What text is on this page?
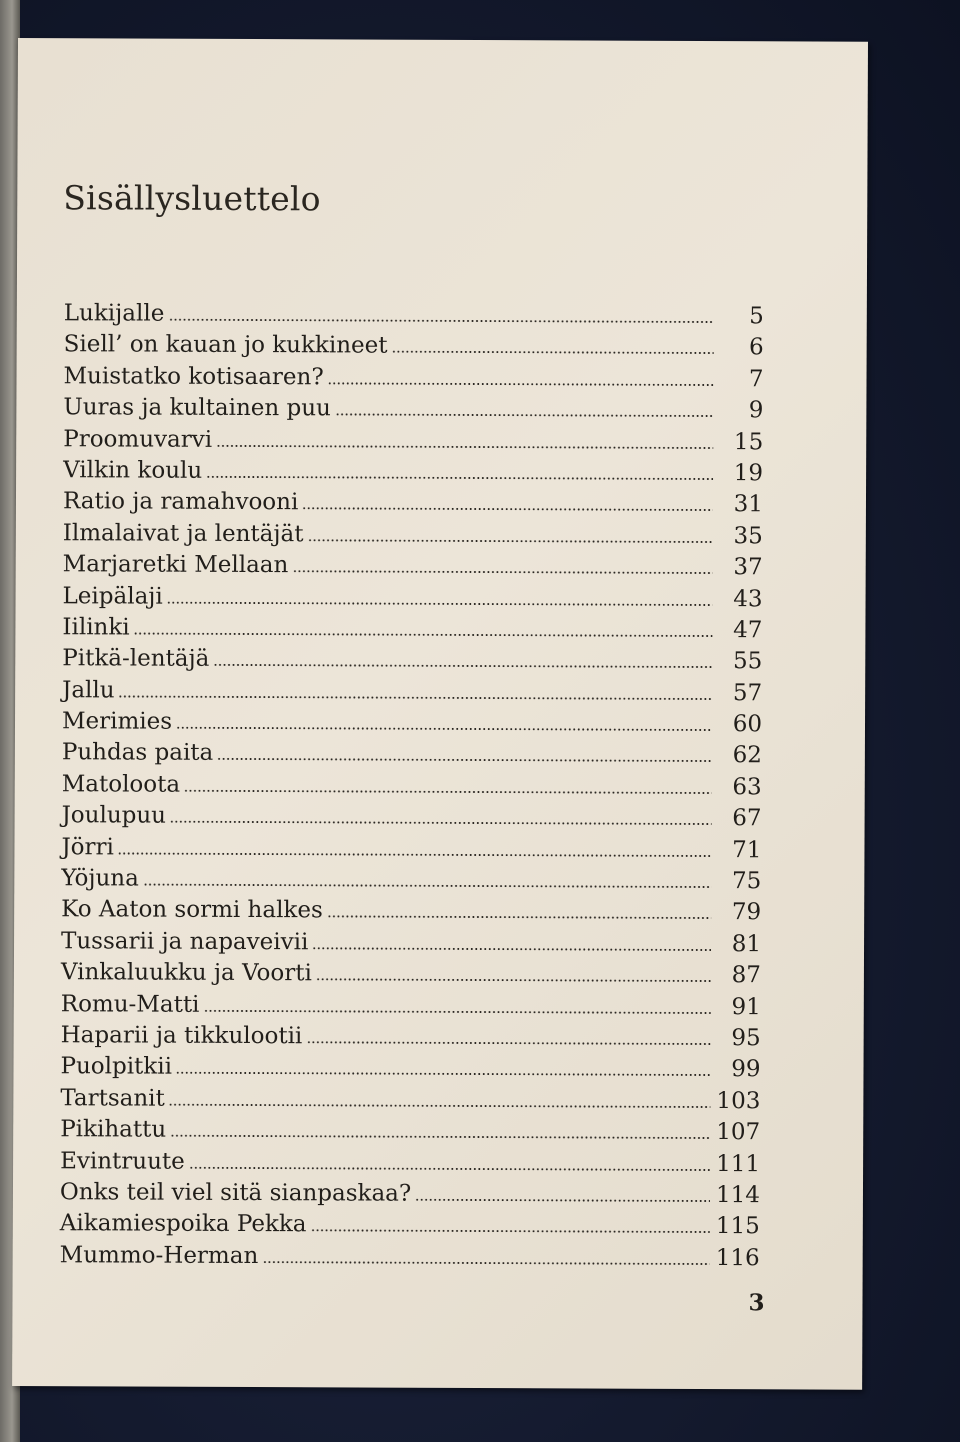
Sisällysluettelo
Lukijalle	5
Siell’ on kauan jo kukkineet	6
Muistatko kotisaaren?	7
Uuras ja kultainen puu	9
Proomuvarvi	15
Vilkin koulu	19
Ratio ja ramahvooni	31
Ilmalaivat ja lentäjät	35
Marjaretki Mellaan	37
Leipälaji	43
Iilinki	47
Pitkä-lentäjä	55
Jallu	57
Merimies	60
Puhdas paita	62
Matoloota	63
Joulupuu	67
Jörri	71
Yöjuna	75
Ko Aaton sormi halkes	79
Tussarii ja napaveivii	81
Vinkaluukku ja Voorti	87
Romu-Matti	91
Haparii ja tikkulootii	95
Puolpitkii	99
Tartsanit	103
Pikihattu	107
Evintruute	111
Onks teil viel sitä sianpaskaa?	114
Aikamiespoika Pekka	115
Mummo-Herman	116
3
